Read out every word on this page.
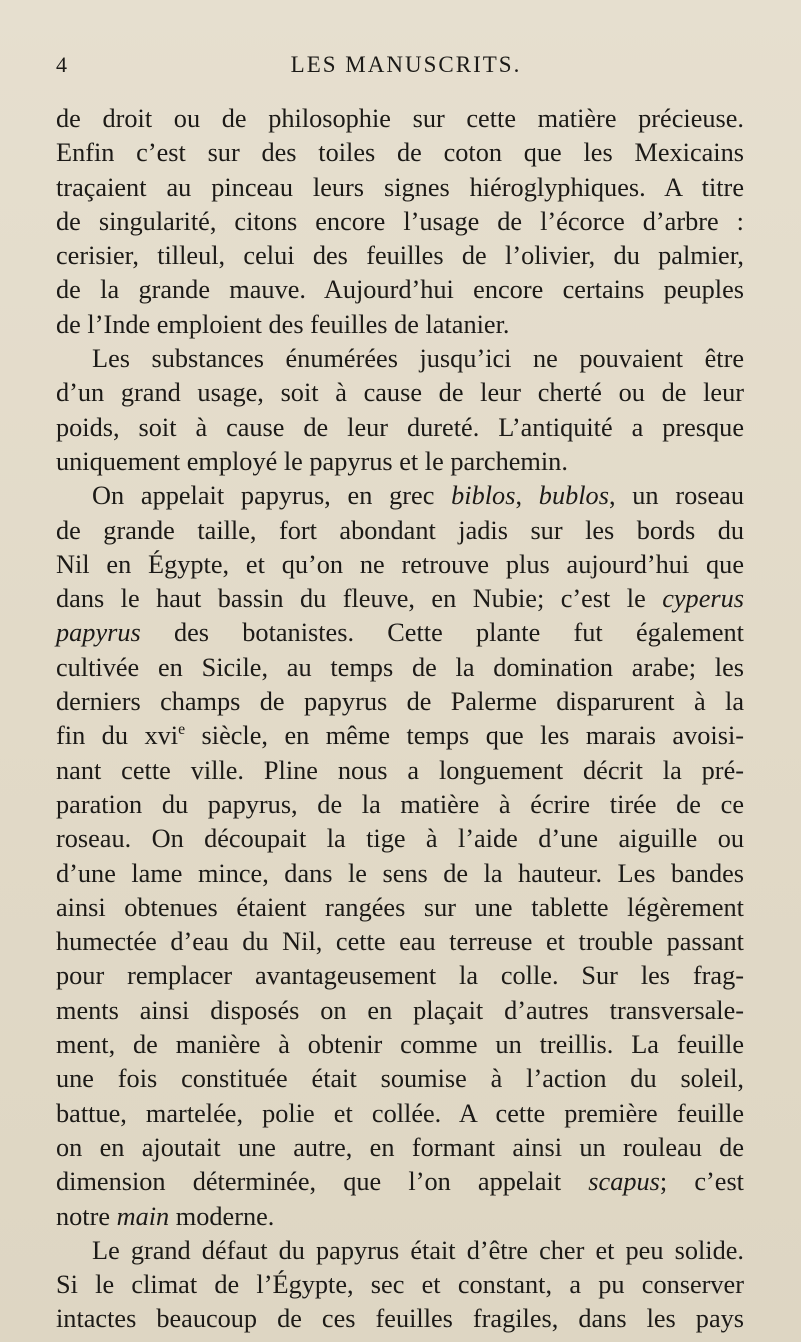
4	LES MANUSCRITS.
de droit ou de philosophie sur cette matière précieuse.
Enfin c’est sur des toiles de coton que les Mexicains
traçaient au pinceau leurs signes hiéroglyphiques. A titre
de singularité, citons encore l’usage de l’écorce d’arbre :
cerisier, tilleul, celui des feuilles de l’olivier, du palmier,
de la grande mauve. Aujourd’hui encore certains peuples
de l’Inde emploient des feuilles de latanier.
Les substances énumérées jusqu’ici ne pouvaient être
d’un grand usage, soit à cause de leur cherté ou de leur
poids, soit à cause de leur dureté. L’antiquité a presque
uniquement employé le papyrus et le parchemin.
On appelait papyrus, en grec biblos, bublos, un roseau
de grande taille, fort abondant jadis sur les bords du
Nil en Égypte, et qu’on ne retrouve plus aujourd’hui que
dans le haut bassin du fleuve, en Nubie; c’est le cyperus
papyrus des botanistes. Cette plante fut également
cultivée en Sicile, au temps de la domination arabe; les
derniers champs de papyrus de Palerme disparurent à la
fin du xvi$^e$ siècle, en même temps que les marais avoisi-
nant cette ville. Pline nous a longuement décrit la pré-
paration du papyrus, de la matière à écrire tirée de ce
roseau. On découpait la tige à l’aide d’une aiguille ou
d’une lame mince, dans le sens de la hauteur. Les bandes
ainsi obtenues étaient rangées sur une tablette légèrement
humectée d’eau du Nil, cette eau terreuse et trouble passant
pour remplacer avantageusement la colle. Sur les frag-
ments ainsi disposés on en plaçait d’autres transversale-
ment, de manière à obtenir comme un treillis. La feuille
une fois constituée était soumise à l’action du soleil,
battue, martelée, polie et collée. A cette première feuille
on en ajoutait une autre, en formant ainsi un rouleau de
dimension déterminée, que l’on appelait scapus; c’est
notre main moderne.
Le grand défaut du papyrus était d’être cher et peu solide.
Si le climat de l’Égypte, sec et constant, a pu conserver
intactes beaucoup de ces feuilles fragiles, dans les pays
